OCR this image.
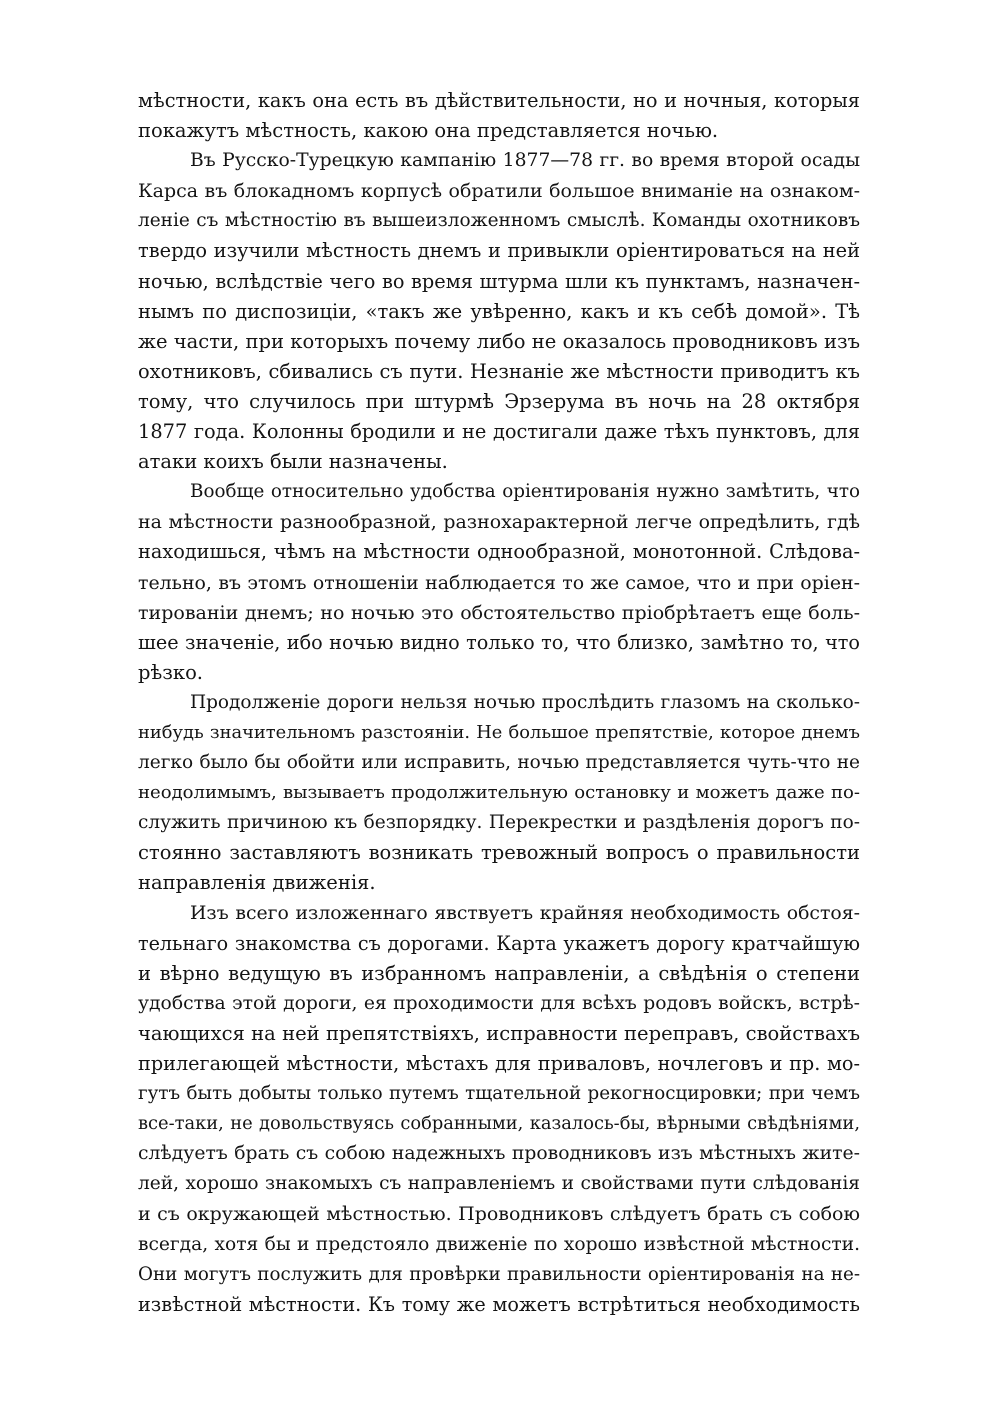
мѣстности, какъ она есть въ дѣйствительности, но и ночныя, которыя
покажутъ мѣстность, какою она представляется ночью.
Въ Русско-Турецкую кампанію 1877—78 гг. во время второй осады
Карса въ блокадномъ корпусѣ обратили большое вниманіе на ознаком-
леніе съ мѣстностію въ вышеизложенномъ смыслѣ. Команды охотниковъ
твердо изучили мѣстность днемъ и привыкли оріентироваться на ней
ночью, вслѣдствіе чего во время штурма шли къ пунктамъ, назначен-
нымъ по диспозиціи, «такъ же увѣренно, какъ и къ себѣ домой». Тѣ
же части, при которыхъ почему либо не оказалось проводниковъ изъ
охотниковъ, сбивались съ пути. Незнаніе же мѣстности приводитъ къ
тому, что случилось при штурмѣ Эрзерума въ ночь на 28 октября
1877 года. Колонны бродили и не достигали даже тѣхъ пунктовъ, для
атаки коихъ были назначены.
Вообще относительно удобства оріентированія нужно замѣтить, что
на мѣстности разнообразной, разнохарактерной легче опредѣлить, гдѣ
находишься, чѣмъ на мѣстности однообразной, монотонной. Слѣдова-
тельно, въ этомъ отношеніи наблюдается то же самое, что и при оріен-
тированіи днемъ; но ночью это обстоятельство пріобрѣтаетъ еще боль-
шее значеніе, ибо ночью видно только то, что близко, замѣтно то, что
рѣзко.
Продолженіе дороги нельзя ночью прослѣдить глазомъ на сколько-
нибудь значительномъ разстояніи. Не большое препятствіе, которое днемъ
легко было бы обойти или исправить, ночью представляется чуть-что не
неодолимымъ, вызываетъ продолжительную остановку и можетъ даже по-
служить причиною къ безпорядку. Перекрестки и раздѣленія дорогъ по-
стоянно заставляютъ возникать тревожный вопросъ о правильности
направленія движенія.
Изъ всего изложеннаго явствуетъ крайняя необходимость обстоя-
тельнаго знакомства съ дорогами. Карта укажетъ дорогу кратчайшую
и вѣрно ведущую въ избранномъ направленіи, а свѣдѣнія о степени
удобства этой дороги, ея проходимости для всѣхъ родовъ войскъ, встрѣ-
чающихся на ней препятствіяхъ, исправности переправъ, свойствахъ
прилегающей мѣстности, мѣстахъ для приваловъ, ночлеговъ и пр. мо-
гутъ быть добыты только путемъ тщательной рекогносцировки; при чемъ
все-таки, не довольствуясь собранными, казалось-бы, вѣрными свѣдѣніями,
слѣдуетъ брать съ собою надежныхъ проводниковъ изъ мѣстныхъ жите-
лей, хорошо знакомыхъ съ направленіемъ и свойствами пути слѣдованія
и съ окружающей мѣстностью. Проводниковъ слѣдуетъ брать съ собою
всегда, хотя бы и предстояло движеніе по хорошо извѣстной мѣстности.
Они могутъ послужить для провѣрки правильности оріентированія на не-
извѣстной мѣстности. Къ тому же можетъ встрѣтиться необходимость
